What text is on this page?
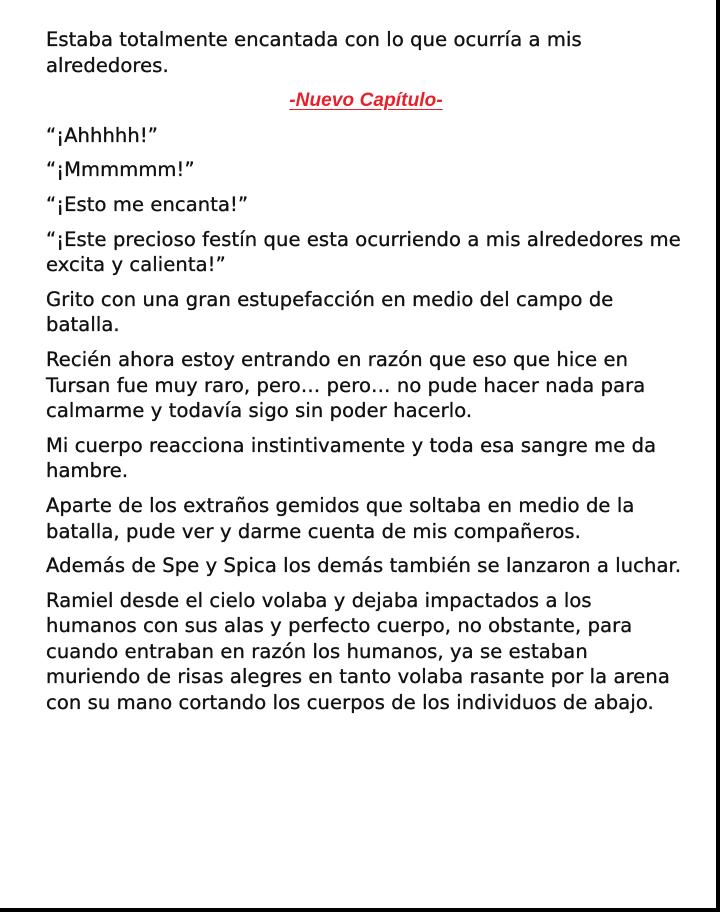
Estaba totalmente encantada con lo que ocurría a mis alrededores.

-Nuevo Capítulo-

“¡Ahhhhh!”

“¡Mmmmmm!”

“¡Esto me encanta!”

“¡Este precioso festín que esta ocurriendo a mis alrededores me excita y calienta!”

Grito con una gran estupefacción en medio del campo de batalla.

Recién ahora estoy entrando en razón que eso que hice en Tursan fue muy raro, pero… pero… no pude hacer nada para calmarme y todavía sigo sin poder hacerlo.

Mi cuerpo reacciona instintivamente y toda esa sangre me da hambre.

Aparte de los extraños gemidos que soltaba en medio de la batalla, pude ver y darme cuenta de mis compañeros.

Además de Spe y Spica los demás también se lanzaron a luchar.

Ramiel desde el cielo volaba y dejaba impactados a los humanos con sus alas y perfecto cuerpo, no obstante, para cuando entraban en razón los humanos, ya se estaban muriendo de risas alegres en tanto volaba rasante por la arena con su mano cortando los cuerpos de los individuos de abajo.
